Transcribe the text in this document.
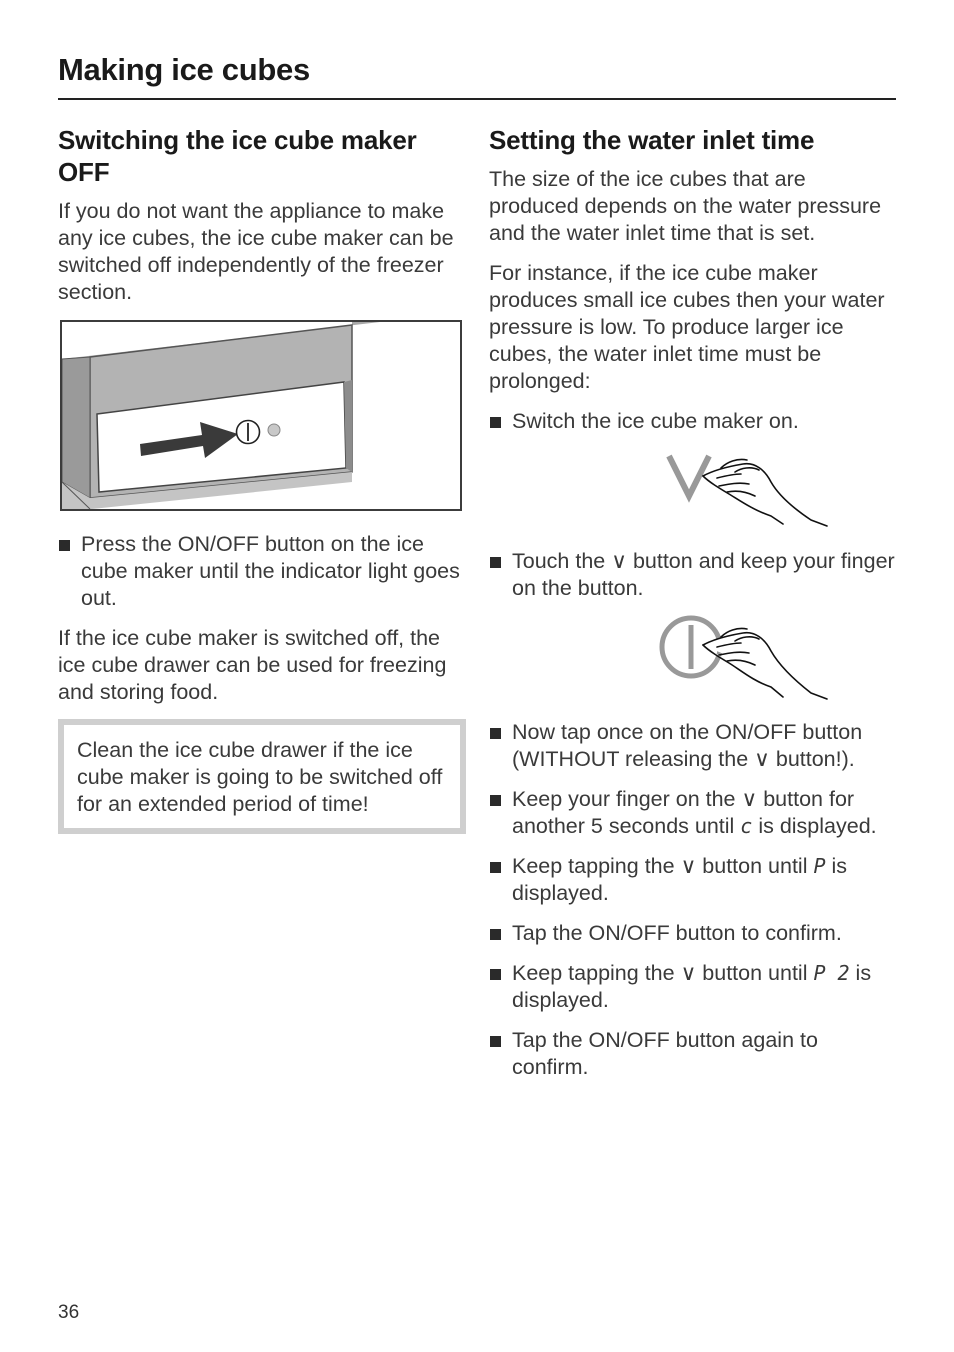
Making ice cubes
Switching the ice cube maker OFF

If you do not want the appliance to make any ice cubes, the ice cube maker can be switched off independently of the freezer section.

Press the ON/OFF button on the ice cube maker until the indicator light goes out.

If the ice cube maker is switched off, the ice cube drawer can be used for freezing and storing food.

Clean the ice cube drawer if the ice cube maker is going to be switched off for an extended period of time!

Setting the water inlet time

The size of the ice cubes that are produced depends on the water pressure and the water inlet time that is set.

For instance, if the ice cube maker produces small ice cubes then your water pressure is low. To produce larger ice cubes, the water inlet time must be prolonged:

Switch the ice cube maker on.
Touch the ∨ button and keep your finger on the button.
Now tap once on the ON/OFF button (WITHOUT releasing the ∨ button!).
Keep your finger on the ∨ button for another 5 seconds until c is displayed.
Keep tapping the ∨ button until P is displayed.
Tap the ON/OFF button to confirm.
Keep tapping the ∨ button until P 2 is displayed.
Tap the ON/OFF button again to confirm.
36
